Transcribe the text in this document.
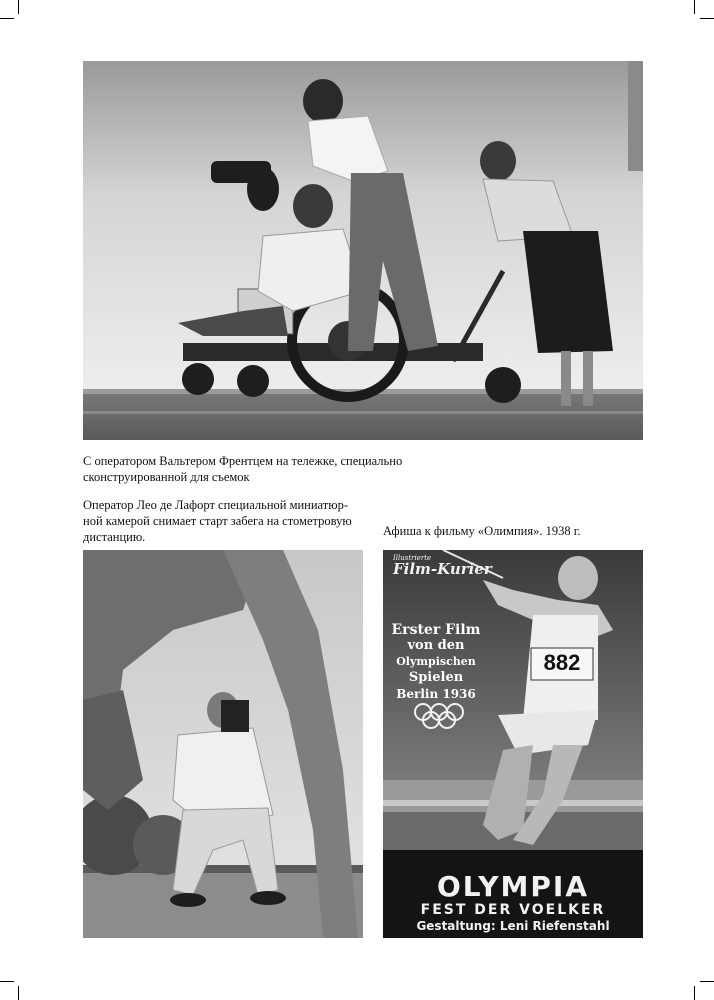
С оператором Вальтером Френтцем на тележке, специально
сконструированной для съемок
Оператор Лео де Лафорт специальной миниатюр-
ной камерой снимает старт забега на стометровую
дистанцию.	Афиша к фильму «Олимпия». 1938 г.
Illustrierte
Film-Kurier
Erster Film
von den
Olympischen
Spielen
Berlin 1936
882
OLYMPIA
FEST DER VOELKER
Gestaltung: Leni Riefenstahl
